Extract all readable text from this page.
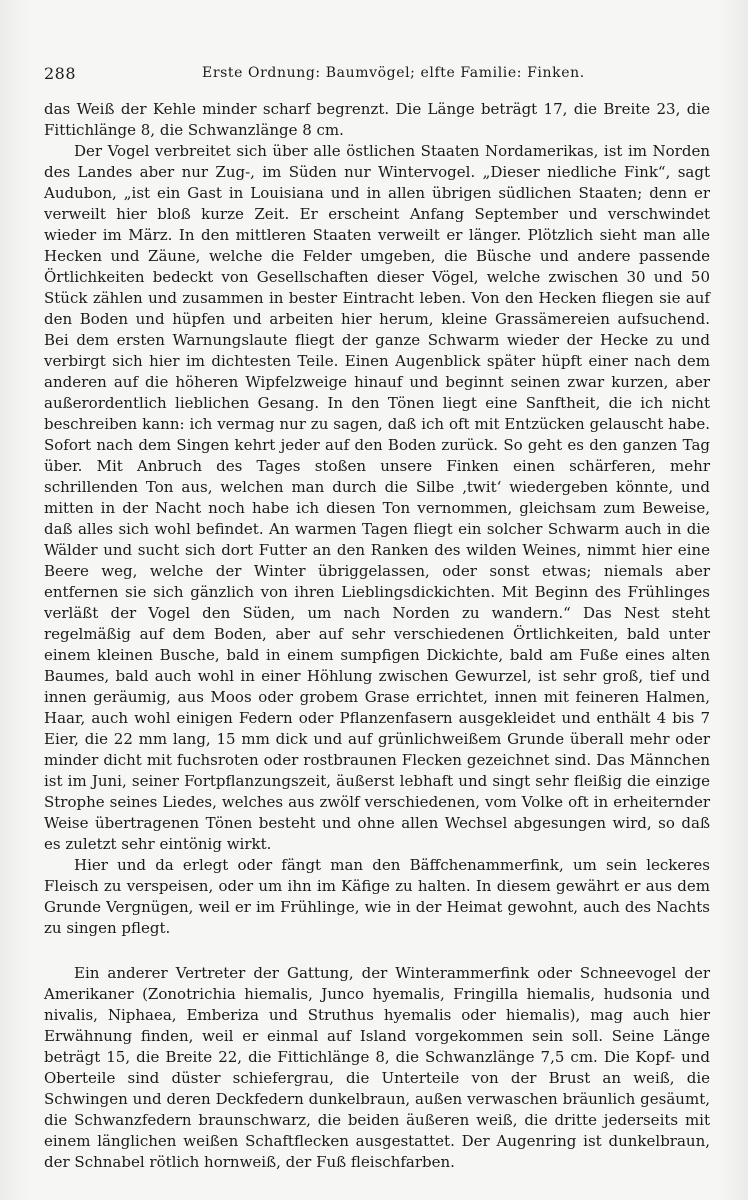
288	Erste Ordnung: Baumvögel; elfte Familie: Finken.

das Weiß der Kehle minder scharf begrenzt. Die Länge beträgt 17, die Breite 23, die Fittichlänge 8, die Schwanzlänge 8 cm.

Der Vogel verbreitet sich über alle östlichen Staaten Nordamerikas, ist im Norden des Landes aber nur Zug-, im Süden nur Wintervogel. „Dieser niedliche Fink“, sagt Audubon, „ist ein Gast in Louisiana und in allen übrigen südlichen Staaten; denn er verweilt hier bloß kurze Zeit. Er erscheint Anfang September und verschwindet wieder im März. In den mittleren Staaten verweilt er länger. Plötzlich sieht man alle Hecken und Zäune, welche die Felder umgeben, die Büsche und andere passende Örtlichkeiten bedeckt von Gesellschaften dieser Vögel, welche zwischen 30 und 50 Stück zählen und zusammen in bester Eintracht leben. Von den Hecken fliegen sie auf den Boden und hüpfen und arbeiten hier herum, kleine Grassämereien aufsuchend. Bei dem ersten Warnungslaute fliegt der ganze Schwarm wieder der Hecke zu und verbirgt sich hier im dichtesten Teile. Einen Augenblick später hüpft einer nach dem anderen auf die höheren Wipfelzweige hinauf und beginnt seinen zwar kurzen, aber außerordentlich lieblichen Gesang. In den Tönen liegt eine Sanftheit, die ich nicht beschreiben kann: ich vermag nur zu sagen, daß ich oft mit Entzücken gelauscht habe. Sofort nach dem Singen kehrt jeder auf den Boden zurück. So geht es den ganzen Tag über. Mit Anbruch des Tages stoßen unsere Finken einen schärferen, mehr schrillenden Ton aus, welchen man durch die Silbe ‚twit‘ wiedergeben könnte, und mitten in der Nacht noch habe ich diesen Ton vernommen, gleichsam zum Beweise, daß alles sich wohl befindet. An warmen Tagen fliegt ein solcher Schwarm auch in die Wälder und sucht sich dort Futter an den Ranken des wilden Weines, nimmt hier eine Beere weg, welche der Winter übriggelassen, oder sonst etwas; niemals aber entfernen sie sich gänzlich von ihren Lieblingsdickichten. Mit Beginn des Frühlinges verläßt der Vogel den Süden, um nach Norden zu wandern.“ Das Nest steht regelmäßig auf dem Boden, aber auf sehr verschiedenen Örtlichkeiten, bald unter einem kleinen Busche, bald in einem sumpfigen Dickichte, bald am Fuße eines alten Baumes, bald auch wohl in einer Höhlung zwischen Gewurzel, ist sehr groß, tief und innen geräumig, aus Moos oder grobem Grase errichtet, innen mit feineren Halmen, Haar, auch wohl einigen Federn oder Pflanzenfasern ausgekleidet und enthält 4 bis 7 Eier, die 22 mm lang, 15 mm dick und auf grünlichweißem Grunde überall mehr oder minder dicht mit fuchsroten oder rostbraunen Flecken gezeichnet sind. Das Männchen ist im Juni, seiner Fortpflanzungszeit, äußerst lebhaft und singt sehr fleißig die einzige Strophe seines Liedes, welches aus zwölf verschiedenen, vom Volke oft in erheiternder Weise übertragenen Tönen besteht und ohne allen Wechsel abgesungen wird, so daß es zuletzt sehr eintönig wirkt.

Hier und da erlegt oder fängt man den Bäffchenammerfink, um sein leckeres Fleisch zu verspeisen, oder um ihn im Käfige zu halten. In diesem gewährt er aus dem Grunde Vergnügen, weil er im Frühlinge, wie in der Heimat gewohnt, auch des Nachts zu singen pflegt.

Ein anderer Vertreter der Gattung, der Winterammerfink oder Schneevogel der Amerikaner (Zonotrichia hiemalis, Junco hyemalis, Fringilla hiemalis, hudsonia und nivalis, Niphaea, Emberiza und Struthus hyemalis oder hiemalis), mag auch hier Erwähnung finden, weil er einmal auf Island vorgekommen sein soll. Seine Länge beträgt 15, die Breite 22, die Fittichlänge 8, die Schwanzlänge 7,5 cm. Die Kopf- und Oberteile sind düster schiefergrau, die Unterteile von der Brust an weiß, die Schwingen und deren Deckfedern dunkelbraun, außen verwaschen bräunlich gesäumt, die Schwanzfedern braunschwarz, die beiden äußeren weiß, die dritte jederseits mit einem länglichen weißen Schaftflecken ausgestattet. Der Augenring ist dunkelbraun, der Schnabel rötlich hornweiß, der Fuß fleischfarben.
